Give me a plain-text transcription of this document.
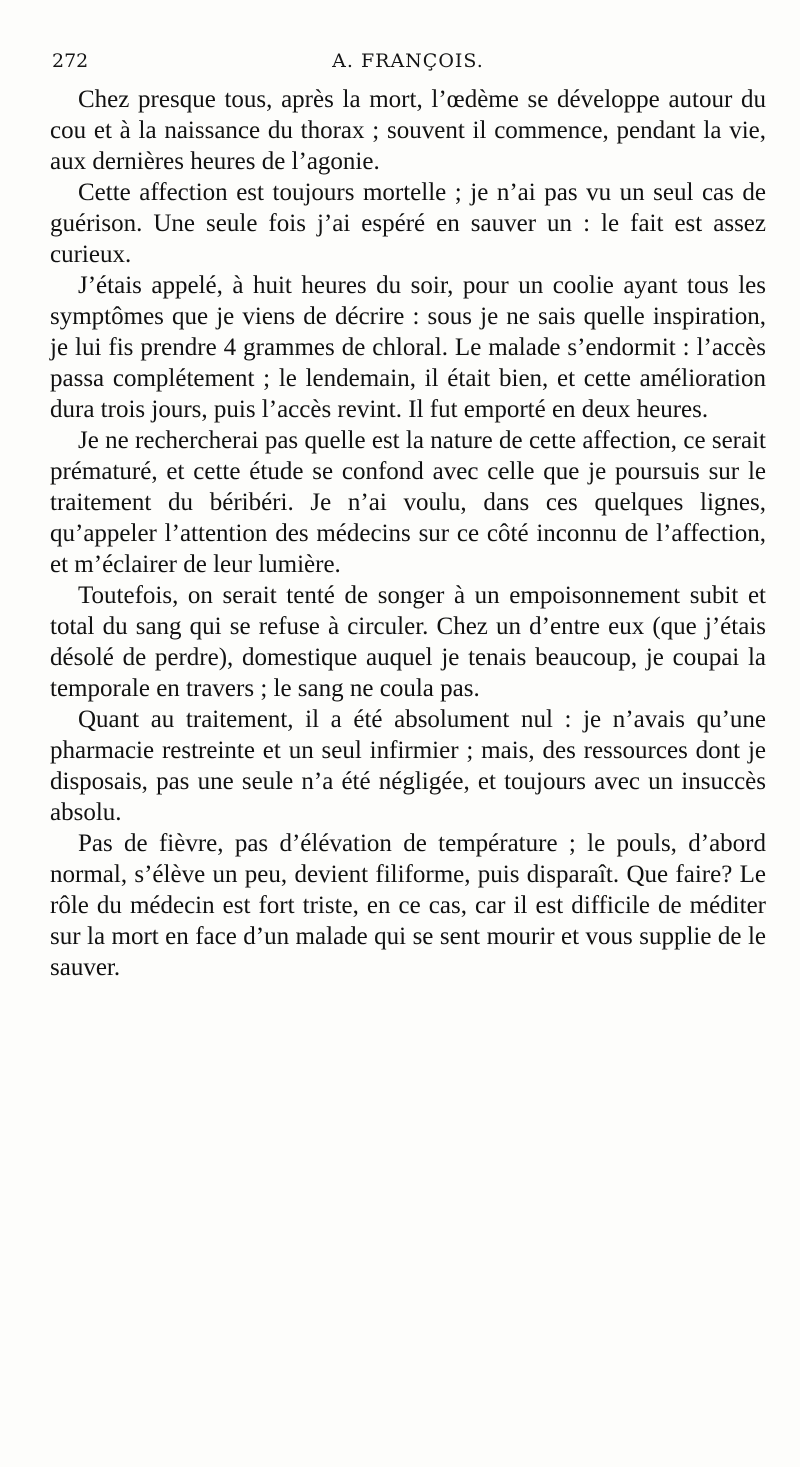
272	A. FRANÇOIS.

Chez presque tous, après la mort, l’œdème se développe autour du cou et à la naissance du thorax ; souvent il commence, pendant la vie, aux dernières heures de l’agonie.

Cette affection est toujours mortelle ; je n’ai pas vu un seul cas de guérison. Une seule fois j’ai espéré en sauver un : le fait est assez curieux.

J’étais appelé, à huit heures du soir, pour un coolie ayant tous les symptômes que je viens de décrire : sous je ne sais quelle inspiration, je lui fis prendre 4 grammes de chloral. Le malade s’endormit : l’accès passa complétement ; le lendemain, il était bien, et cette amélioration dura trois jours, puis l’accès revint. Il fut emporté en deux heures.

Je ne rechercherai pas quelle est la nature de cette affection, ce serait prématuré, et cette étude se confond avec celle que je poursuis sur le traitement du béribéri. Je n’ai voulu, dans ces quelques lignes, qu’appeler l’attention des médecins sur ce côté inconnu de l’affection, et m’éclairer de leur lumière.

Toutefois, on serait tenté de songer à un empoisonnement subit et total du sang qui se refuse à circuler. Chez un d’entre eux (que j’étais désolé de perdre), domestique auquel je tenais beaucoup, je coupai la temporale en travers ; le sang ne coula pas.

Quant au traitement, il a été absolument nul : je n’avais qu’une pharmacie restreinte et un seul infirmier ; mais, des ressources dont je disposais, pas une seule n’a été négligée, et toujours avec un insuccès absolu.

Pas de fièvre, pas d’élévation de température ; le pouls, d’abord normal, s’élève un peu, devient filiforme, puis disparaît. Que faire? Le rôle du médecin est fort triste, en ce cas, car il est difficile de méditer sur la mort en face d’un malade qui se sent mourir et vous supplie de le sauver.
